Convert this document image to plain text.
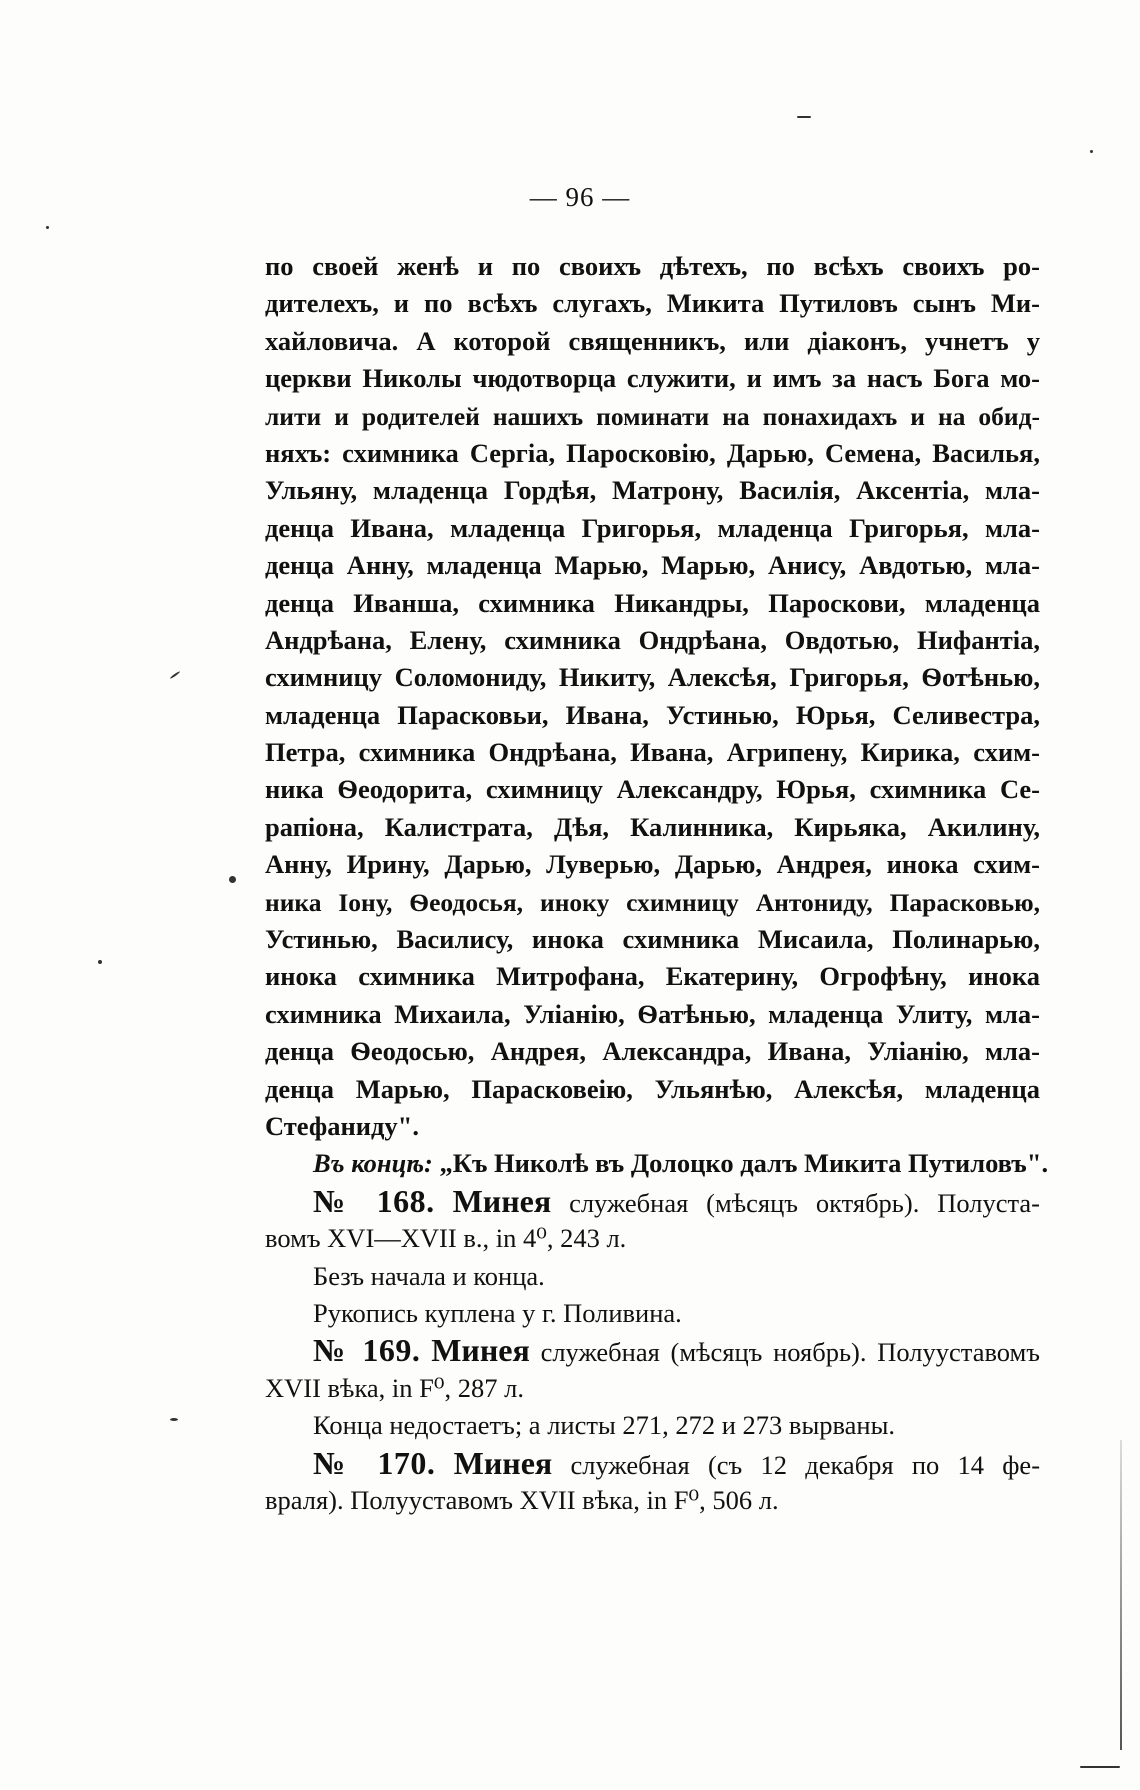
— 96 —
по своей женѣ и по своихъ дѣтехъ, по всѣхъ своихъ ро-
дителехъ, и по всѣхъ слугахъ, Микита Путиловъ сынъ Ми-
хайловича. А которой священникъ, или діаконъ, учнетъ у
церкви Николы чюдотворца служити, и имъ за насъ Бога мо-
лити и родителей нашихъ поминати на понахидахъ и на обид-
няхъ: схимника Сергіа, Паросковію, Дарью, Семена, Василья,
Ульяну, младенца Гордѣя, Матрону, Василія, Аксентіа, мла-
денца Ивана, младенца Григорья, младенца Григорья, мла-
денца Анну, младенца Марью, Марью, Анису, Авдотью, мла-
денца Иванша, схимника Никандры, Пароскови, младенца
Андрѣана, Елену, схимника Ондрѣана, Овдотью, Нифантіа,
схимницу Соломониду, Никиту, Алексѣя, Григорья, Ѳотѣнью,
младенца Парасковьи, Ивана, Устинью, Юрья, Селивестра,
Петра, схимника Ондрѣана, Ивана, Агрипену, Кирика, схим-
ника Ѳеодорита, схимницу Александру, Юрья, схимника Се-
рапіона, Калистрата, Дѣя, Калинника, Кирьяка, Акилину,
Анну, Ирину, Дарью, Луверью, Дарью, Андрея, инока схим-
ника Іону, Ѳеодосья, иноку схимницу Антониду, Парасковью,
Устинью, Василису, инока схимника Мисаила, Полинарью,
инока схимника Митрофана, Екатерину, Огрофѣну, инока
схимника Михаила, Уліанію, Ѳатѣнью, младенца Улиту, мла-
денца Ѳеодосью, Андрея, Александра, Ивана, Уліанію, мла-
денца Марью, Парасковеію, Ульянѣю, Алексѣя, младенца
Стефаниду".
Въ концѣ: „Къ Николѣ въ Долоцко далъ Микита Путиловъ".
№ 168. Минея служебная (мѣсяцъ октябрь). Полуста-
вомъ XVI—XVII в., in 4⁰, 243 л.
Безъ начала и конца.
Рукопись куплена у г. Поливина.
№ 169. Минея служебная (мѣсяцъ ноябрь). Полууставомъ
XVII вѣка, in F⁰, 287 л.
Конца недостаетъ; а листы 271, 272 и 273 вырваны.
№ 170. Минея служебная (съ 12 декабря по 14 фе-
враля). Полууставомъ XVII вѣка, in F⁰, 506 л.
